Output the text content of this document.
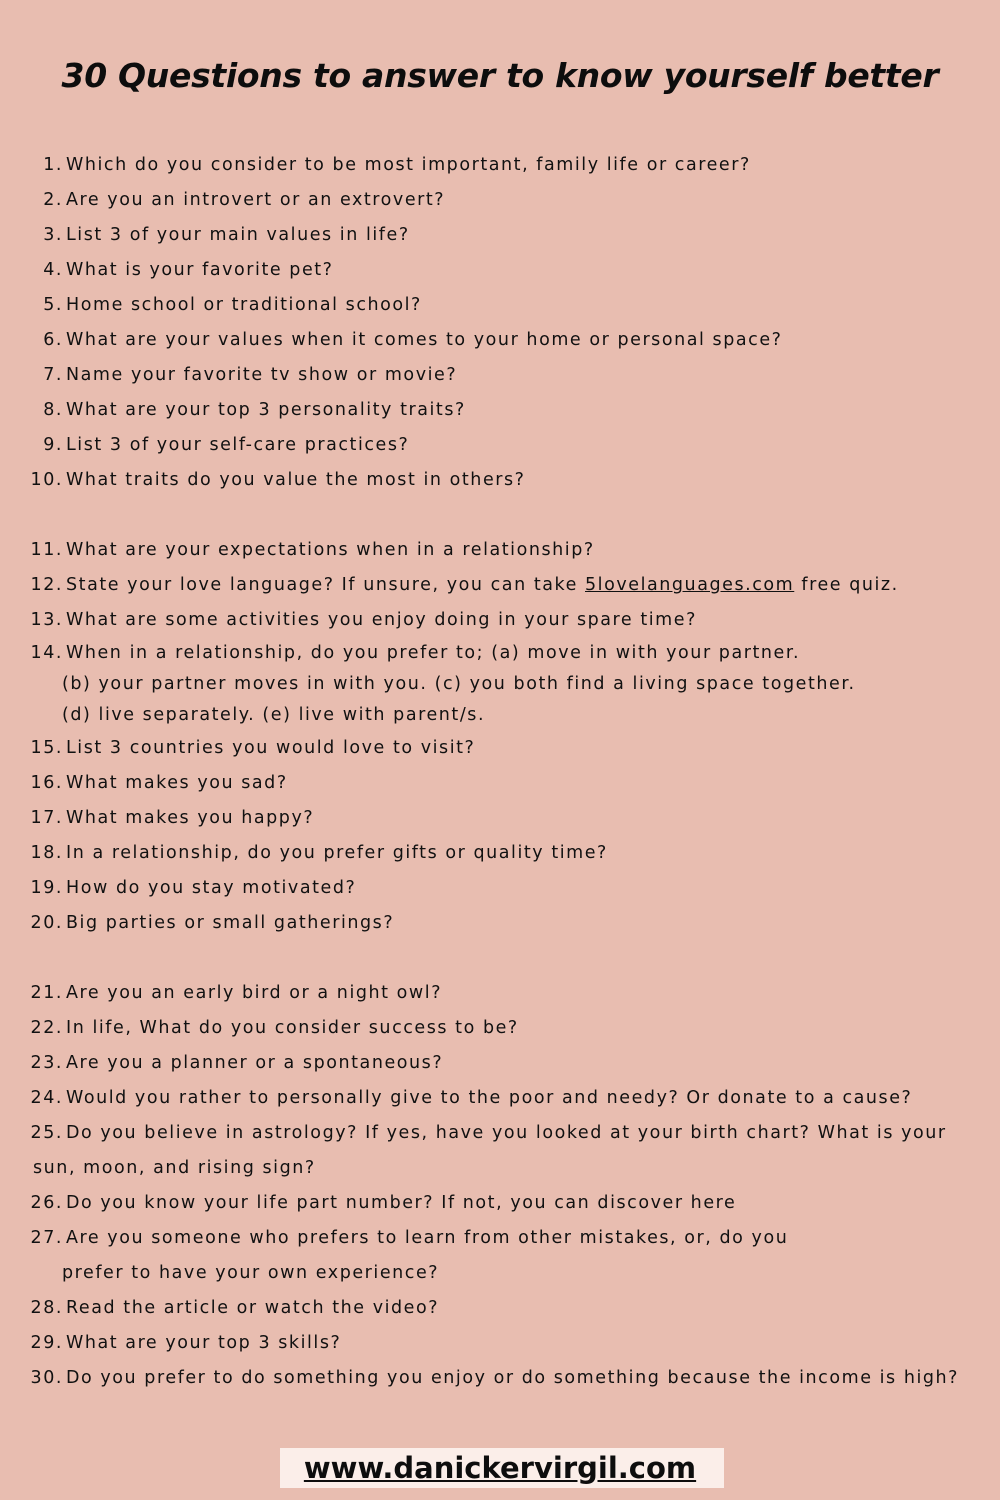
30 Questions to answer to know yourself better
1. Which do you consider to be most important, family life or career?
2. Are you an introvert or an extrovert?
3. List 3 of your main values in life?
4. What is your favorite pet?
5. Home school or traditional school?
6. What are your values when it comes to your home or personal space?
7. Name your favorite tv show or movie?
8. What are your top 3 personality traits?
9. List 3 of your self-care practices?
10. What traits do you value the most in others?
11. What are your expectations when in a relationship?
12. State your love language? If unsure, you can take 5lovelanguages.com free quiz.
13. What are some activities you enjoy doing in your spare time?
14. When in a relationship, do you prefer to; (a) move in with your partner.
(b) your partner moves in with you. (c) you both find a living space together.
(d) live separately. (e) live with parent/s.
15. List 3 countries you would love to visit?
16. What makes you sad?
17. What makes you happy?
18. In a relationship, do you prefer gifts or quality time?
19. How do you stay motivated?
20. Big parties or small gatherings?
21. Are you an early bird or a night owl?
22. In life, What do you consider success to be?
23. Are you a planner or a spontaneous?
24. Would you rather to personally give to the poor and needy? Or donate to a cause?
25. Do you believe in astrology? If yes, have you looked at your birth chart? What is your
sun, moon, and rising sign?
26. Do you know your life part number? If not, you can discover here
27. Are you someone who prefers to learn from other mistakes, or, do you
prefer to have your own experience?
28. Read the article or watch the video?
29. What are your top 3 skills?
30. Do you prefer to do something you enjoy or do something because the income is high?
www.danickervirgil.com
